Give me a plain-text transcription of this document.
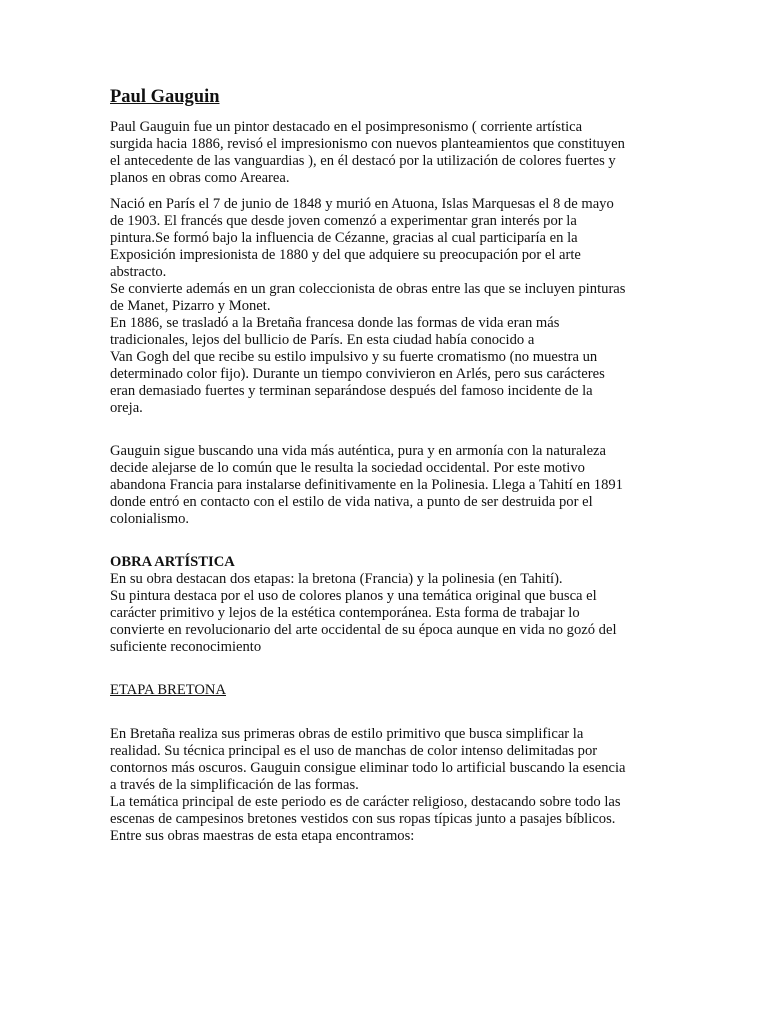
Paul Gauguin

Paul Gauguin fue un pintor destacado en el posimpresonismo ( corriente artística
surgida hacia 1886, revisó el impresionismo con nuevos planteamientos que constituyen
el antecedente de las vanguardias ), en él destacó por la utilización de colores fuertes y
planos en obras como Arearea.

Nació en París el 7 de junio de 1848 y murió en Atuona, Islas Marquesas el 8 de mayo
de 1903. El francés que desde joven comenzó a experimentar gran interés por la
pintura.Se formó bajo la influencia de Cézanne, gracias al cual participaría en la
Exposición impresionista de 1880 y del que adquiere su preocupación por el arte
abstracto.
Se convierte además en un gran coleccionista de obras entre las que se incluyen pinturas
de Manet, Pizarro y Monet.
En 1886, se trasladó a la Bretaña francesa donde las formas de vida eran más
tradicionales, lejos del bullicio de París. En esta ciudad había conocido a
Van Gogh del que recibe su estilo impulsivo y su fuerte cromatismo (no muestra un
determinado color fijo). Durante un tiempo convivieron en Arlés, pero sus carácteres
eran demasiado fuertes y terminan separándose después del famoso incidente de la
oreja.

Gauguin sigue buscando una vida más auténtica, pura y en armonía con la naturaleza
decide alejarse de lo común que le resulta la sociedad occidental. Por este motivo
abandona Francia para instalarse definitivamente en la Polinesia. Llega a Tahití en 1891
donde entró en contacto con el estilo de vida nativa, a punto de ser destruida por el
colonialismo.

OBRA ARTÍSTICA

En su obra destacan dos etapas: la bretona (Francia) y la polinesia (en Tahití).
Su pintura destaca por el uso de colores planos y una temática original que busca el
carácter primitivo y lejos de la estética contemporánea. Esta forma de trabajar lo
convierte en revolucionario del arte occidental de su época aunque en vida no gozó del
suficiente reconocimiento

ETAPA BRETONA

En Bretaña realiza sus primeras obras de estilo primitivo que busca simplificar la
realidad. Su técnica principal es el uso de manchas de color intenso delimitadas por
contornos más oscuros. Gauguin consigue eliminar todo lo artificial buscando la esencia
a través de la simplificación de las formas.
La temática principal de este periodo es de carácter religioso, destacando sobre todo las
escenas de campesinos bretones vestidos con sus ropas típicas junto a pasajes bíblicos.
Entre sus obras maestras de esta etapa encontramos:
